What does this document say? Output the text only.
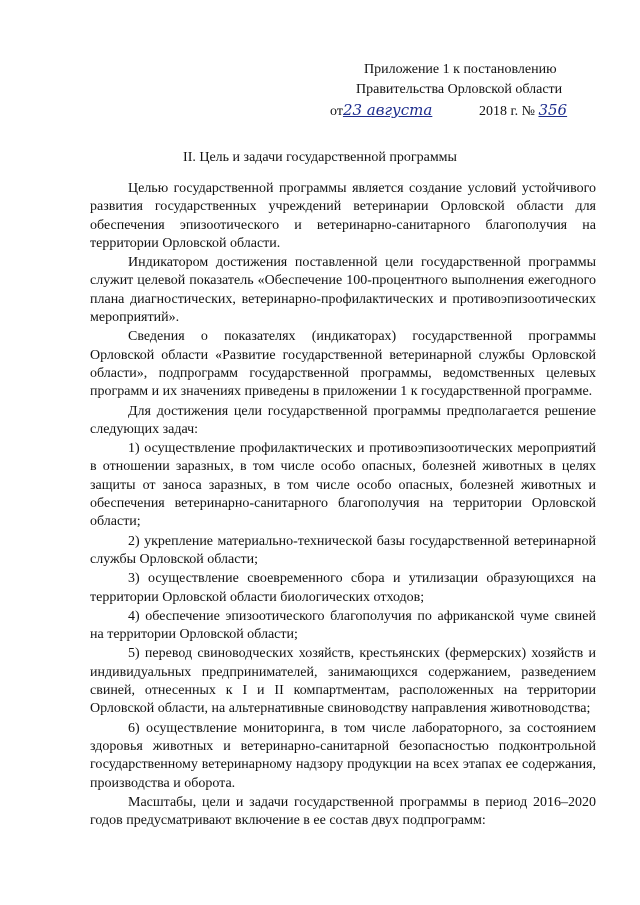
Приложение 1 к постановлению
Правительства Орловской области
от23 августа	2018 г. № 356
II. Цель и задачи государственной программы

Целью государственной программы является создание условий устойчивого развития государственных учреждений ветеринарии Орловской области для обеспечения эпизоотического и ветеринарно-санитарного благополучия на территории Орловской области.

Индикатором достижения поставленной цели государственной программы служит целевой показатель «Обеспечение 100-процентного выполнения ежегодного плана диагностических, ветеринарно-профилактических и противоэпизоотических мероприятий».

Сведения о показателях (индикаторах) государственной программы Орловской области «Развитие государственной ветеринарной службы Орловской области», подпрограмм государственной программы, ведомственных целевых программ и их значениях приведены в приложении 1 к государственной программе.

Для достижения цели государственной программы предполагается решение следующих задач:

1) осуществление профилактических и противоэпизоотических мероприятий в отношении заразных, в том числе особо опасных, болезней животных в целях защиты от заноса заразных, в том числе особо опасных, болезней животных и обеспечения ветеринарно-санитарного благополучия на территории Орловской области;

2) укрепление материально-технической базы государственной ветеринарной службы Орловской области;

3) осуществление своевременного сбора и утилизации образующихся на территории Орловской области биологических отходов;

4) обеспечение эпизоотического благополучия по африканской чуме свиней на территории Орловской области;

5) перевод свиноводческих хозяйств, крестьянских (фермерских) хозяйств и индивидуальных предпринимателей, занимающихся содержанием, разведением свиней, отнесенных к I и II компартментам, расположенных на территории Орловской области, на альтернативные свиноводству направления животноводства;

6) осуществление мониторинга, в том числе лабораторного, за состоянием здоровья животных и ветеринарно-санитарной безопасностью подконтрольной государственному ветеринарному надзору продукции на всех этапах ее содержания, производства и оборота.

Масштабы, цели и задачи государственной программы в период 2016–2020 годов предусматривают включение в ее состав двух подпрограмм:
